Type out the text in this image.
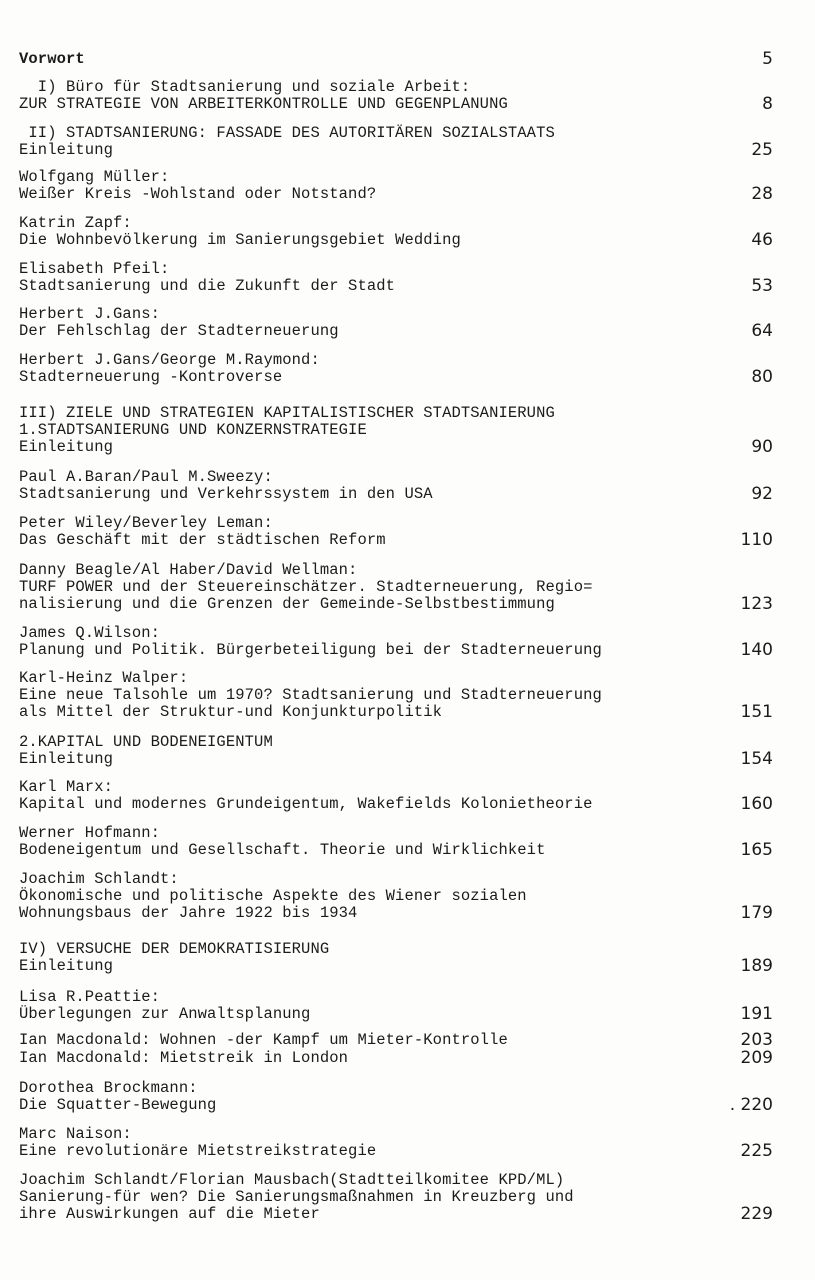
Vorwort	5
I) Büro für Stadtsanierung und soziale Arbeit:
ZUR STRATEGIE VON ARBEITERKONTROLLE UND GEGENPLANUNG	8
II) STADTSANIERUNG: FASSADE DES AUTORITÄREN SOZIALSTAATS
Einleitung	25
Wolfgang Müller:
Weißer Kreis -Wohlstand oder Notstand?	28
Katrin Zapf:
Die Wohnbevölkerung im Sanierungsgebiet Wedding	46
Elisabeth Pfeil:
Stadtsanierung und die Zukunft der Stadt	53
Herbert J.Gans:
Der Fehlschlag der Stadterneuerung	64
Herbert J.Gans/George M.Raymond:
Stadterneuerung -Kontroverse	80
III) ZIELE UND STRATEGIEN KAPITALISTISCHER STADTSANIERUNG
1.STADTSANIERUNG UND KONZERNSTRATEGIE
Einleitung	90
Paul A.Baran/Paul M.Sweezy:
Stadtsanierung und Verkehrssystem in den USA	92
Peter Wiley/Beverley Leman:
Das Geschäft mit der städtischen Reform	110
Danny Beagle/Al Haber/David Wellman:
TURF POWER und der Steuereinschätzer. Stadterneuerung, Regio=
nalisierung und die Grenzen der Gemeinde-Selbstbestimmung	123
James Q.Wilson:
Planung und Politik. Bürgerbeteiligung bei der Stadterneuerung	140
Karl-Heinz Walper:
Eine neue Talsohle um 1970? Stadtsanierung und Stadterneuerung
als Mittel der Struktur-und Konjunkturpolitik	151
2.KAPITAL UND BODENEIGENTUM
Einleitung	154
Karl Marx:
Kapital und modernes Grundeigentum, Wakefields Kolonietheorie	160
Werner Hofmann:
Bodeneigentum und Gesellschaft. Theorie und Wirklichkeit	165
Joachim Schlandt:
Ökonomische und politische Aspekte des Wiener sozialen
Wohnungsbaus der Jahre 1922 bis 1934	179
IV) VERSUCHE DER DEMOKRATISIERUNG
Einleitung	189
Lisa R.Peattie:
Überlegungen zur Anwaltsplanung	191
Ian Macdonald: Wohnen -der Kampf um Mieter-Kontrolle	203
Ian Macdonald: Mietstreik in London	209
Dorothea Brockmann:
Die Squatter-Bewegung	. 220
Marc Naison:
Eine revolutionäre Mietstreikstrategie	225
Joachim Schlandt/Florian Mausbach(Stadtteilkomitee KPD/ML)
Sanierung-für wen? Die Sanierungsmaßnahmen in Kreuzberg und
ihre Auswirkungen auf die Mieter	229
